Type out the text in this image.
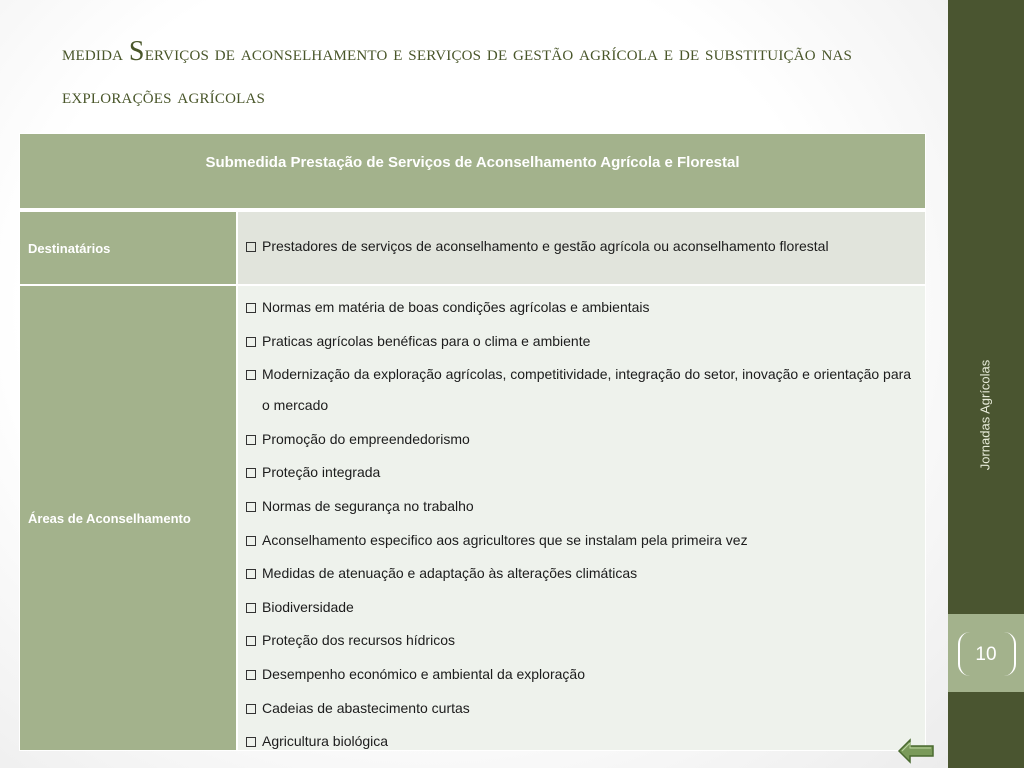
medida Serviços de aconselhamento e serviços de gestão agrícola e de substituição nas explorações agrícolas
Submedida Prestação de Serviços de Aconselhamento Agrícola e Florestal
Destinatários	Prestadores de serviços de aconselhamento e gestão agrícola ou aconselhamento florestal
Áreas de Aconselhamento
Normas em matéria de boas condições agrícolas e ambientais
Praticas agrícolas benéficas para o clima e ambiente
Modernização da exploração agrícolas, competitividade, integração do setor, inovação e orientação para o mercado
Promoção do empreendedorismo
Proteção integrada
Normas de segurança no trabalho
Aconselhamento especifico aos agricultores que se instalam pela primeira vez
Medidas de atenuação e adaptação às alterações climáticas
Biodiversidade
Proteção dos recursos hídricos
Desempenho económico e ambiental da exploração
Cadeias de abastecimento curtas
Agricultura biológica
Jornadas Agrícolas
10
